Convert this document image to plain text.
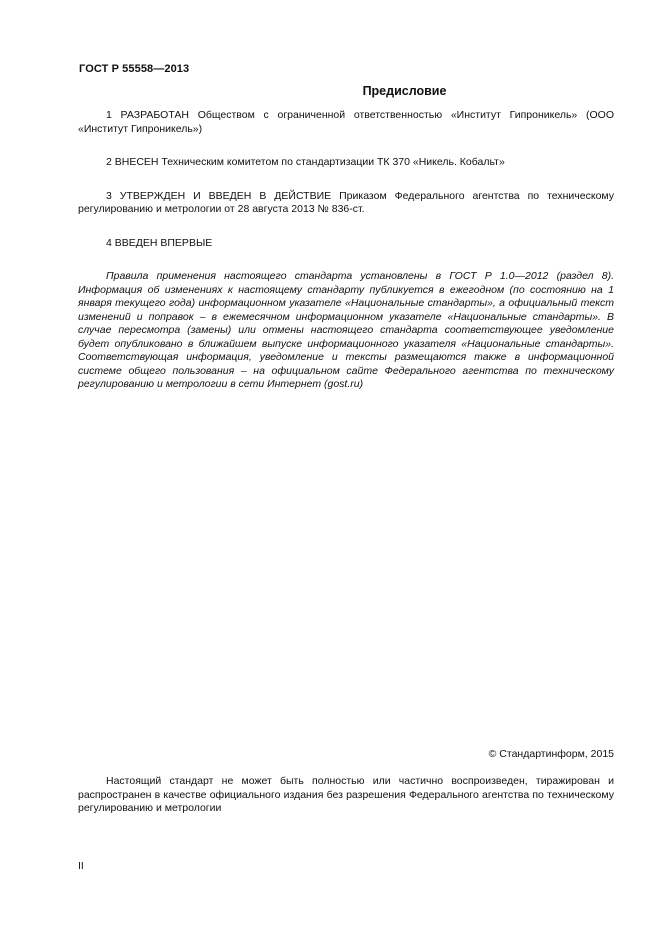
ГОСТ Р 55558—2013
Предисловие

1 РАЗРАБОТАН Обществом с ограниченной ответственностью «Институт Гипроникель» (ООО «Институт Гипроникель»)

2 ВНЕСЕН Техническим комитетом по стандартизации ТК 370 «Никель. Кобальт»

3 УТВЕРЖДЕН И ВВЕДЕН В ДЕЙСТВИЕ Приказом Федерального агентства по техническому регулированию и метрологии от 28 августа 2013 № 836-ст.

4 ВВЕДЕН ВПЕРВЫЕ

Правила применения настоящего стандарта установлены в ГОСТ Р 1.0—2012 (раздел 8). Информация об изменениях к настоящему стандарту публикуется в ежегодном (по состоянию на 1 января текущего года) информационном указателе «Национальные стандарты», а официальный текст изменений и поправок – в ежемесячном информационном указателе «Национальные стандарты». В случае пересмотра (замены) или отмены настоящего стандарта соответствующее уведомление будет опубликовано в ближайшем выпуске информационного указателя «Национальные стандарты». Соответствующая информация, уведомление и тексты размещаются также в информационной системе общего пользования – на официальном сайте Федерального агентства по техническому регулированию и метрологии в сети Интернет (gost.ru)

© Стандартинформ, 2015
Настоящий стандарт не может быть полностью или частично воспроизведен, тиражирован и распространен в качестве официального издания без разрешения Федерального агентства по техническому регулированию и метрологии
II
